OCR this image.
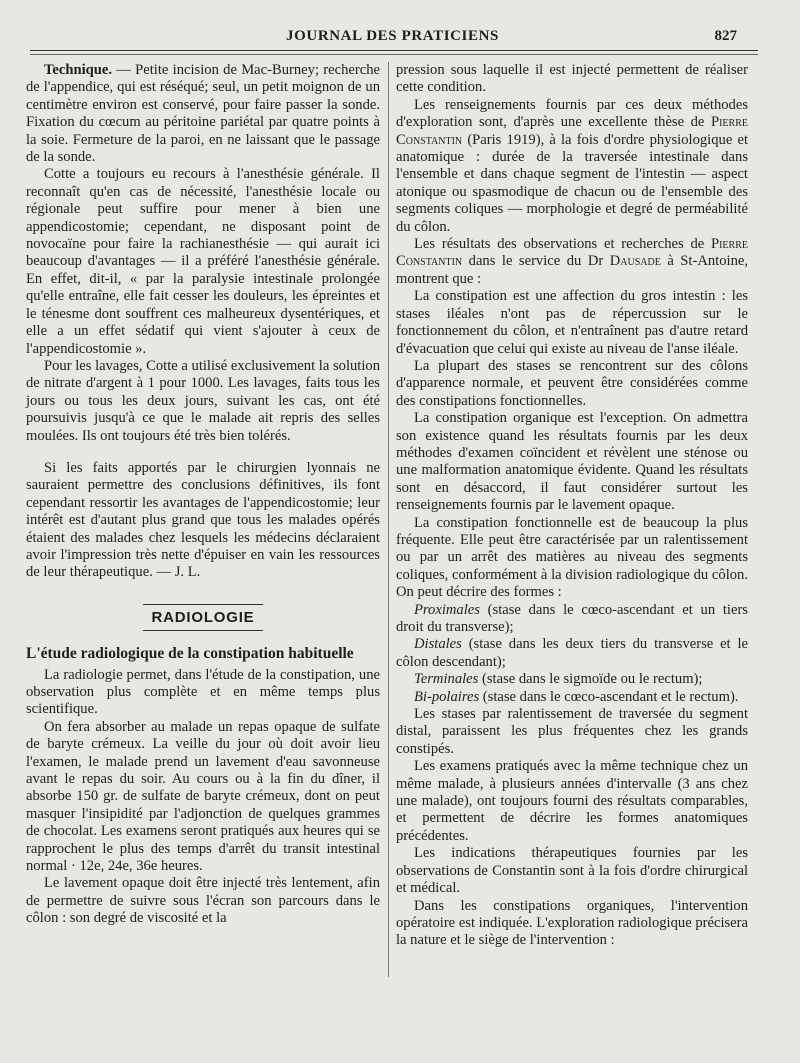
JOURNAL DES PRATICIENS	827

Technique. — Petite incision de Mac-Burney; recherche de l'appendice, qui est réséqué; seul, un petit moignon de un centimètre environ est conservé, pour faire passer la sonde. Fixation du cœcum au péritoine pariétal par quatre points à la soie. Fermeture de la paroi, en ne laissant que le passage de la sonde.

Cotte a toujours eu recours à l'anesthésie générale. Il reconnaît qu'en cas de nécessité, l'anesthésie locale ou régionale peut suffire pour mener à bien une appendicostomie; cependant, ne disposant point de novocaïne pour faire la rachianesthésie — qui aurait ici beaucoup d'avantages — il a préféré l'anesthésie générale. En effet, dit-il, « par la paralysie intestinale prolongée qu'elle entraîne, elle fait cesser les douleurs, les épreintes et le ténesme dont souffrent ces malheureux dysentériques, et elle a un effet sédatif qui vient s'ajouter à ceux de l'appendicostomie ».

Pour les lavages, Cotte a utilisé exclusivement la solution de nitrate d'argent à 1 pour 1000. Les lavages, faits tous les jours ou tous les deux jours, suivant les cas, ont été poursuivis jusqu'à ce que le malade ait repris des selles moulées. Ils ont toujours été très bien tolérés.

Si les faits apportés par le chirurgien lyonnais ne sauraient permettre des conclusions définitives, ils font cependant ressortir les avantages de l'appendicostomie; leur intérêt est d'autant plus grand que tous les malades opérés étaient des malades chez lesquels les médecins déclaraient avoir l'impression très nette d'épuiser en vain les ressources de leur thérapeutique. — J. L.

RADIOLOGIE
L'étude radiologique de la constipation habituelle

La radiologie permet, dans l'étude de la constipation, une observation plus complète et en même temps plus scientifique.

On fera absorber au malade un repas opaque de sulfate de baryte crémeux. La veille du jour où doit avoir lieu l'examen, le malade prend un lavement d'eau savonneuse avant le repas du soir. Au cours ou à la fin du dîner, il absorbe 150 gr. de sulfate de baryte crémeux, dont on peut masquer l'insipidité par l'adjonction de quelques grammes de chocolat. Les examens seront pratiqués aux heures qui se rapprochent le plus des temps d'arrêt du transit intestinal normal · 12e, 24e, 36e heures.

Le lavement opaque doit être injecté très lentement, afin de permettre de suivre sous l'écran son parcours dans le côlon : son degré de viscosité et la

pression sous laquelle il est injecté permettent de réaliser cette condition.

Les renseignements fournis par ces deux méthodes d'exploration sont, d'après une excellente thèse de Pierre Constantin (Paris 1919), à la fois d'ordre physiologique et anatomique : durée de la traversée intestinale dans l'ensemble et dans chaque segment de l'intestin — aspect atonique ou spasmodique de chacun ou de l'ensemble des segments coliques — morphologie et degré de perméabilité du côlon.

Les résultats des observations et recherches de Pierre Constantin dans le service du Dr Dausade à St-Antoine, montrent que :

La constipation est une affection du gros intestin : les stases iléales n'ont pas de répercussion sur le fonctionnement du côlon, et n'entraînent pas d'autre retard d'évacuation que celui qui existe au niveau de l'anse iléale.

La plupart des stases se rencontrent sur des côlons d'apparence normale, et peuvent être considérées comme des constipations fonctionnelles.

La constipation organique est l'exception. On admettra son existence quand les résultats fournis par les deux méthodes d'examen coïncident et révèlent une sténose ou une malformation anatomique évidente. Quand les résultats sont en désaccord, il faut considérer surtout les renseignements fournis par le lavement opaque.

La constipation fonctionnelle est de beaucoup la plus fréquente. Elle peut être caractérisée par un ralentissement ou par un arrêt des matières au niveau des segments coliques, conformément à la division radiologique du côlon. On peut décrire des formes :

Proximales (stase dans le cœco-ascendant et un tiers droit du transverse);

Distales (stase dans les deux tiers du transverse et le côlon descendant);

Terminales (stase dans le sigmoïde ou le rectum);

Bi-polaires (stase dans le cœco-ascendant et le rectum).

Les stases par ralentissement de traversée du segment distal, paraissent les plus fréquentes chez les grands constipés.

Les examens pratiqués avec la même technique chez un même malade, à plusieurs années d'intervalle (3 ans chez une malade), ont toujours fourni des résultats comparables, et permettent de décrire les formes anatomiques précédentes.

Les indications thérapeutiques fournies par les observations de Constantin sont à la fois d'ordre chirurgical et médical.

Dans les constipations organiques, l'intervention opératoire est indiquée. L'exploration radiologique précisera la nature et le siège de l'intervention :
